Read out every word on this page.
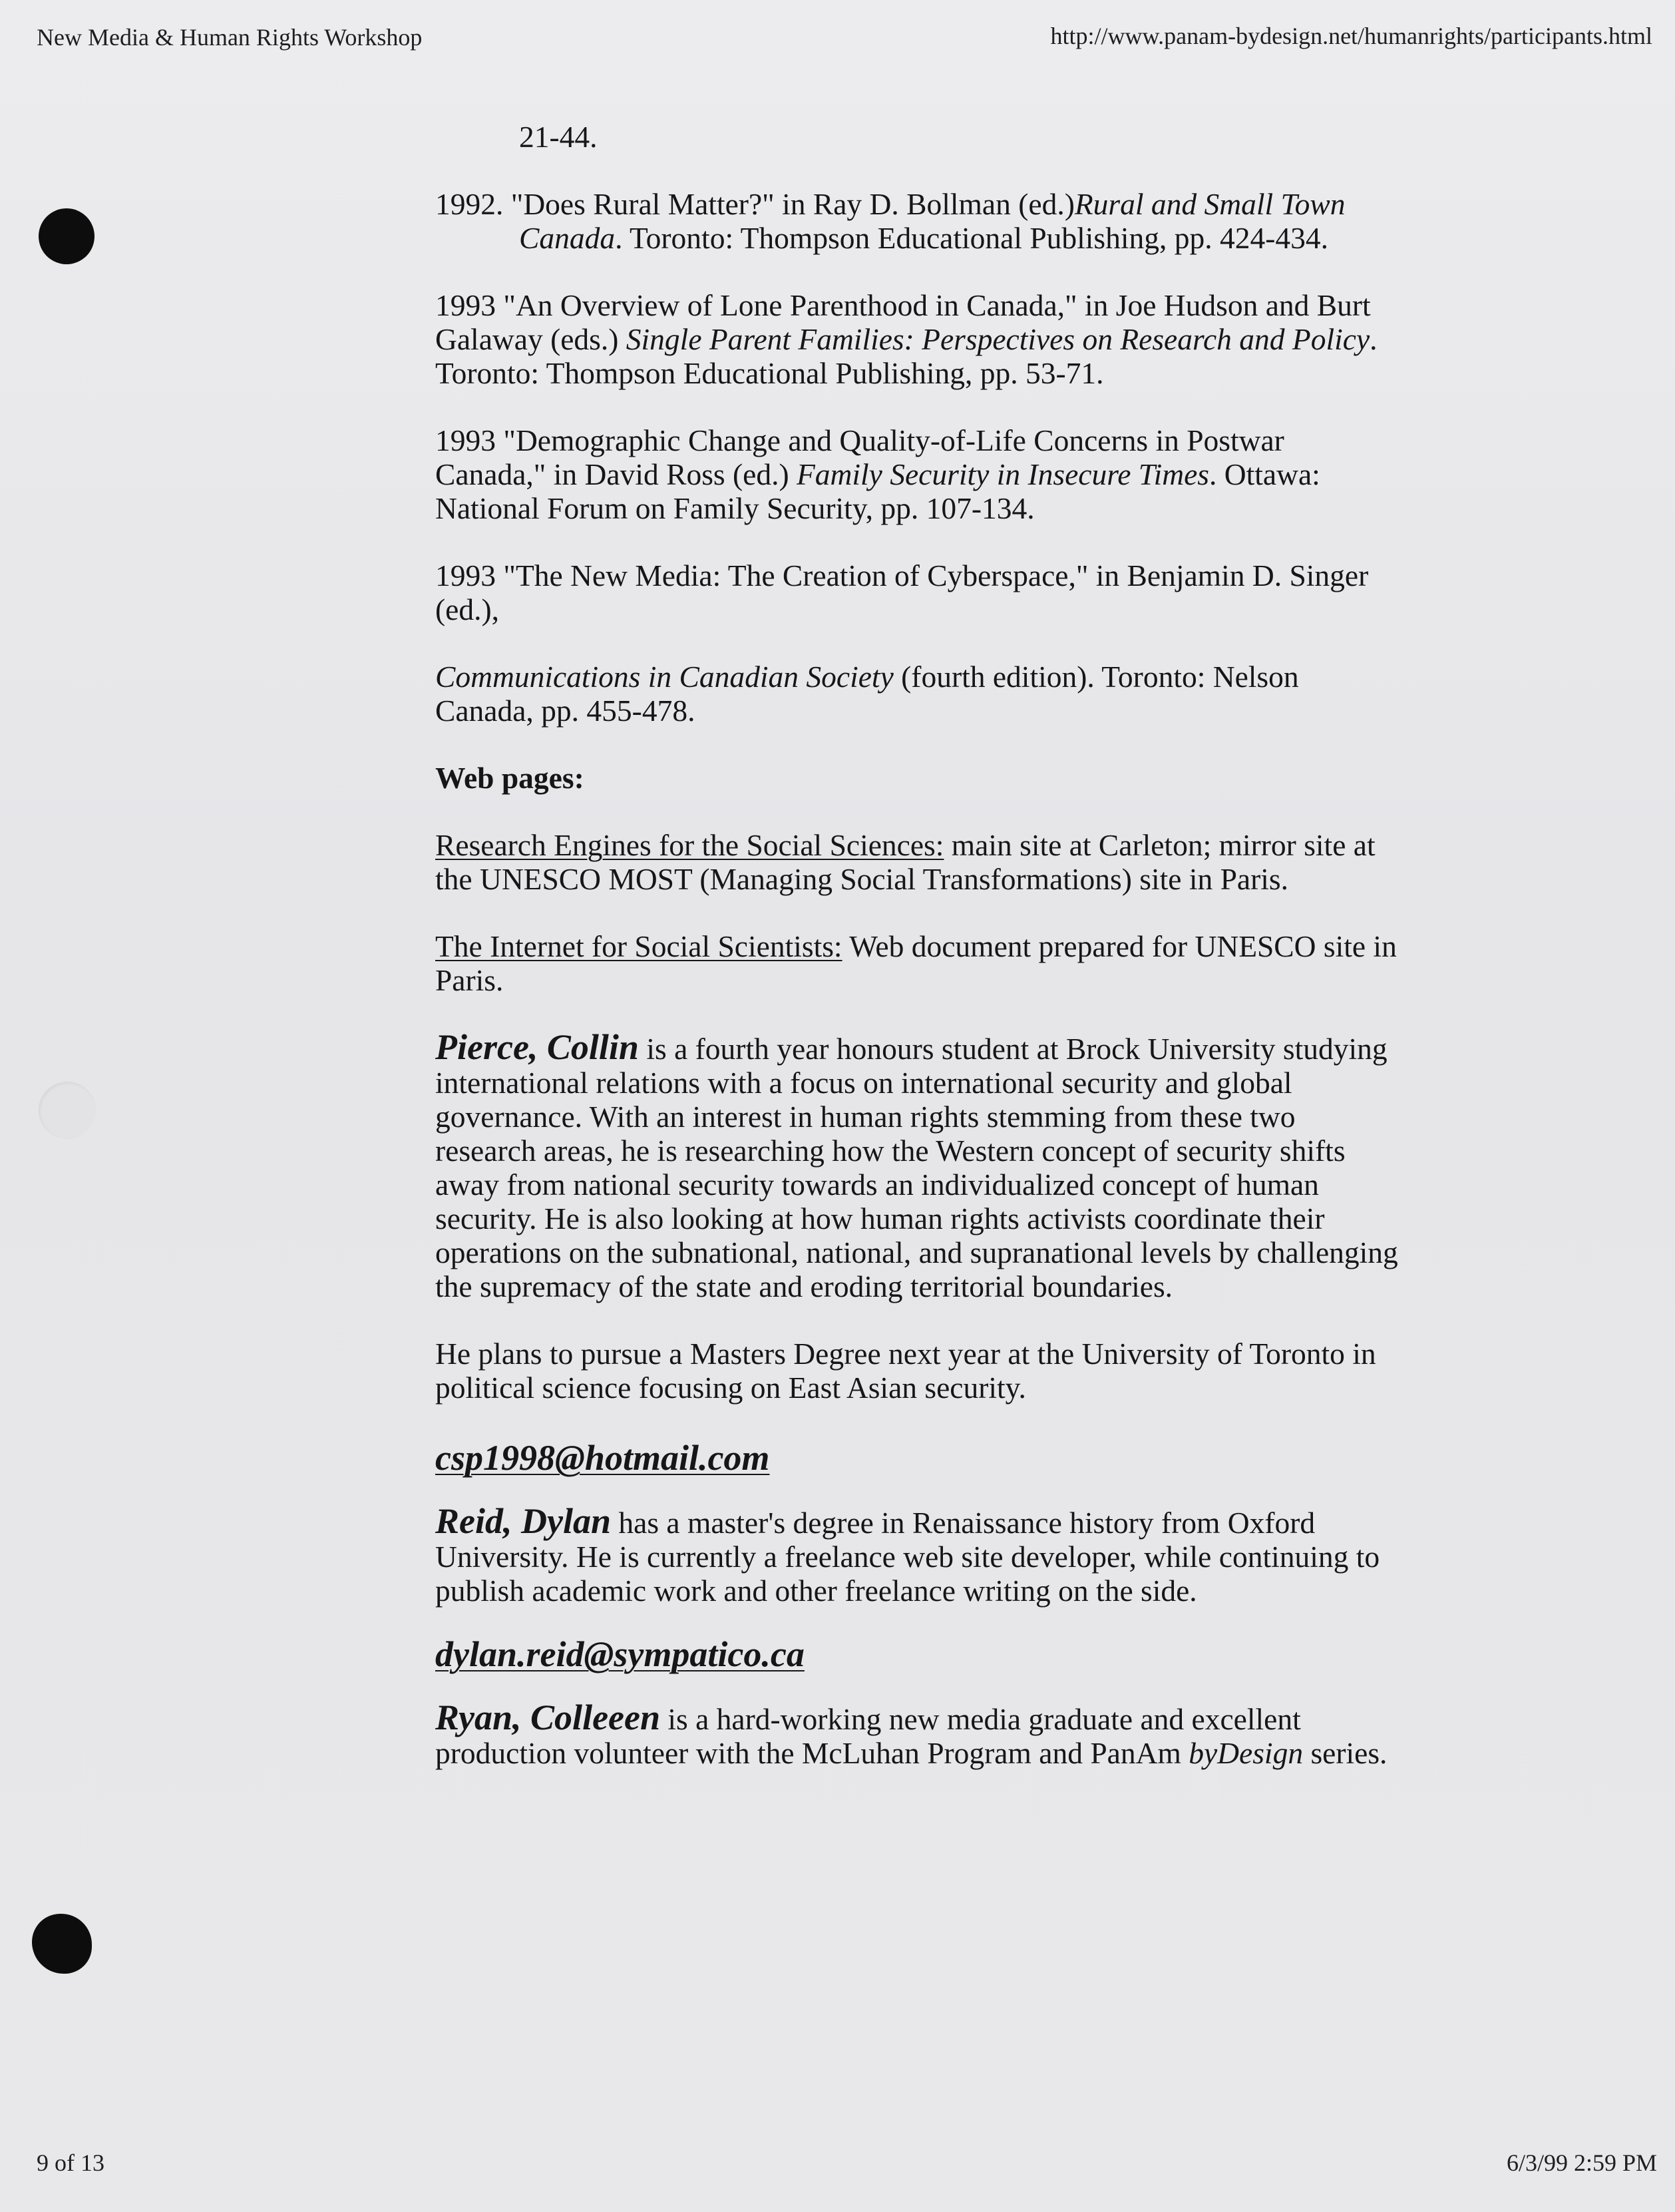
New Media & Human Rights Workshop	http://www.panam-bydesign.net/humanrights/participants.html

21-44.

1992. "Does Rural Matter?" in Ray D. Bollman (ed.)Rural and Small Town Canada. Toronto: Thompson Educational Publishing, pp. 424-434.

1993 "An Overview of Lone Parenthood in Canada," in Joe Hudson and Burt Galaway (eds.) Single Parent Families: Perspectives on Research and Policy. Toronto: Thompson Educational Publishing, pp. 53-71.

1993 "Demographic Change and Quality-of-Life Concerns in Postwar Canada," in David Ross (ed.) Family Security in Insecure Times. Ottawa: National Forum on Family Security, pp. 107-134.

1993 "The New Media: The Creation of Cyberspace," in Benjamin D. Singer (ed.),

Communications in Canadian Society (fourth edition). Toronto: Nelson Canada, pp. 455-478.

Web pages:

Research Engines for the Social Sciences: main site at Carleton; mirror site at the UNESCO MOST (Managing Social Transformations) site in Paris.

The Internet for Social Scientists: Web document prepared for UNESCO site in Paris.

Pierce, Collin is a fourth year honours student at Brock University studying international relations with a focus on international security and global governance. With an interest in human rights stemming from these two research areas, he is researching how the Western concept of security shifts away from national security towards an individualized concept of human security. He is also looking at how human rights activists coordinate their operations on the subnational, national, and supranational levels by challenging the supremacy of the state and eroding territorial boundaries.

He plans to pursue a Masters Degree next year at the University of Toronto in political science focusing on East Asian security.

csp1998@hotmail.com

Reid, Dylan has a master's degree in Renaissance history from Oxford University. He is currently a freelance web site developer, while continuing to publish academic work and other freelance writing on the side.

dylan.reid@sympatico.ca

Ryan, Colleeen is a hard-working new media graduate and excellent production volunteer with the McLuhan Program and PanAm byDesign series.

9 of 13	6/3/99 2:59 PM
